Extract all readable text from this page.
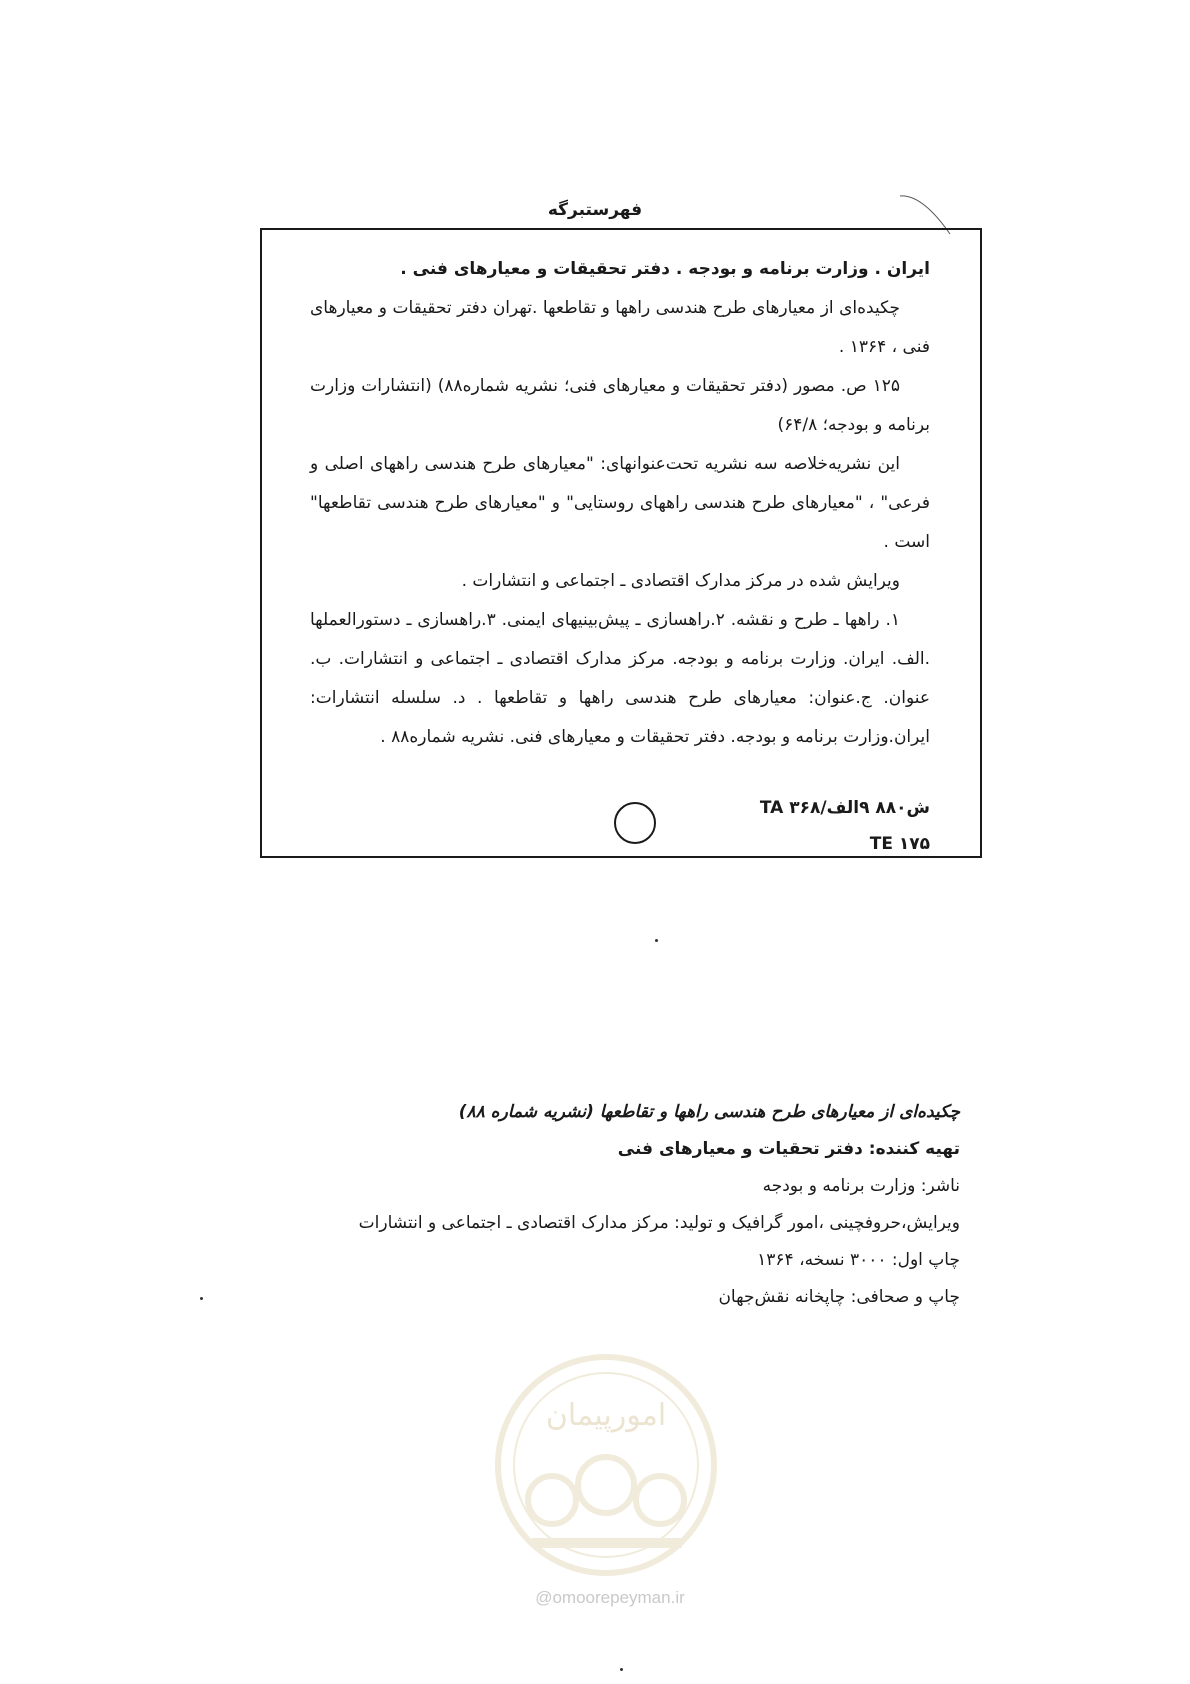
فهرستبرگه

ایران . وزارت برنامه و بودجه . دفتر تحقیقات و معیارهای فنی .

چکیده‌ای از معیارهای طرح هندسی راهها و تقاطعها .تهران دفتر تحقیقات و معیارهای فنی ، ۱۳۶۴ .

۱۲۵ ص. مصور (دفتر تحقیقات و معیارهای فنی؛ نشریه شماره۸۸) (انتشارات وزارت برنامه و بودجه؛ ۶۴/۸)

این نشریه‌خلاصه سه نشریه تحت‌عنوانهای: "معیارهای طرح هندسی راههای اصلی و فرعی" ، "معیارهای طرح هندسی راههای روستایی" و "معیارهای طرح هندسی تقاطعها" است .

ویرایش شده در مرکز مدارک اقتصادی ـ اجتماعی و انتشارات .

۱. راهها ـ طرح و نقشه. ۲.راهسازی ـ پیش‌بینیهای ایمنی. ۳.راهسازی ـ دستورالعملها .الف. ایران. وزارت برنامه و بودجه. مرکز مدارک اقتصادی ـ اجتماعی و انتشارات. ب. عنوان. ج.عنوان: معیارهای طرح هندسی راهها و تقاطعها . د. سلسله انتشارات: ایران.وزارت برنامه و بودجه. دفتر تحقیقات و معیارهای فنی. نشریه شماره۸۸ .

ش۸۸۰ ۹الف/۳۶۸ TA
TE ۱۷۵

چکیده‌ای از معیارهای طرح هندسی راهها و تقاطعها (نشریه‌ شماره ۸۸)

تهیه کننده: دفتر تحقیات و معیارهای فنی

ناشر: وزارت برنامه و بودجه

ویرایش،حروفچینی ،امور گرافیک و تولید: مرکز مدارک اقتصادی ـ اجتماعی و انتشارات

چاپ اول: ۳۰۰۰ نسخه، ۱۳۶۴

چاپ و صحافی: چاپخانه‌ نقش‌جهان

امورپیمان
@omoorepeyman.ir
